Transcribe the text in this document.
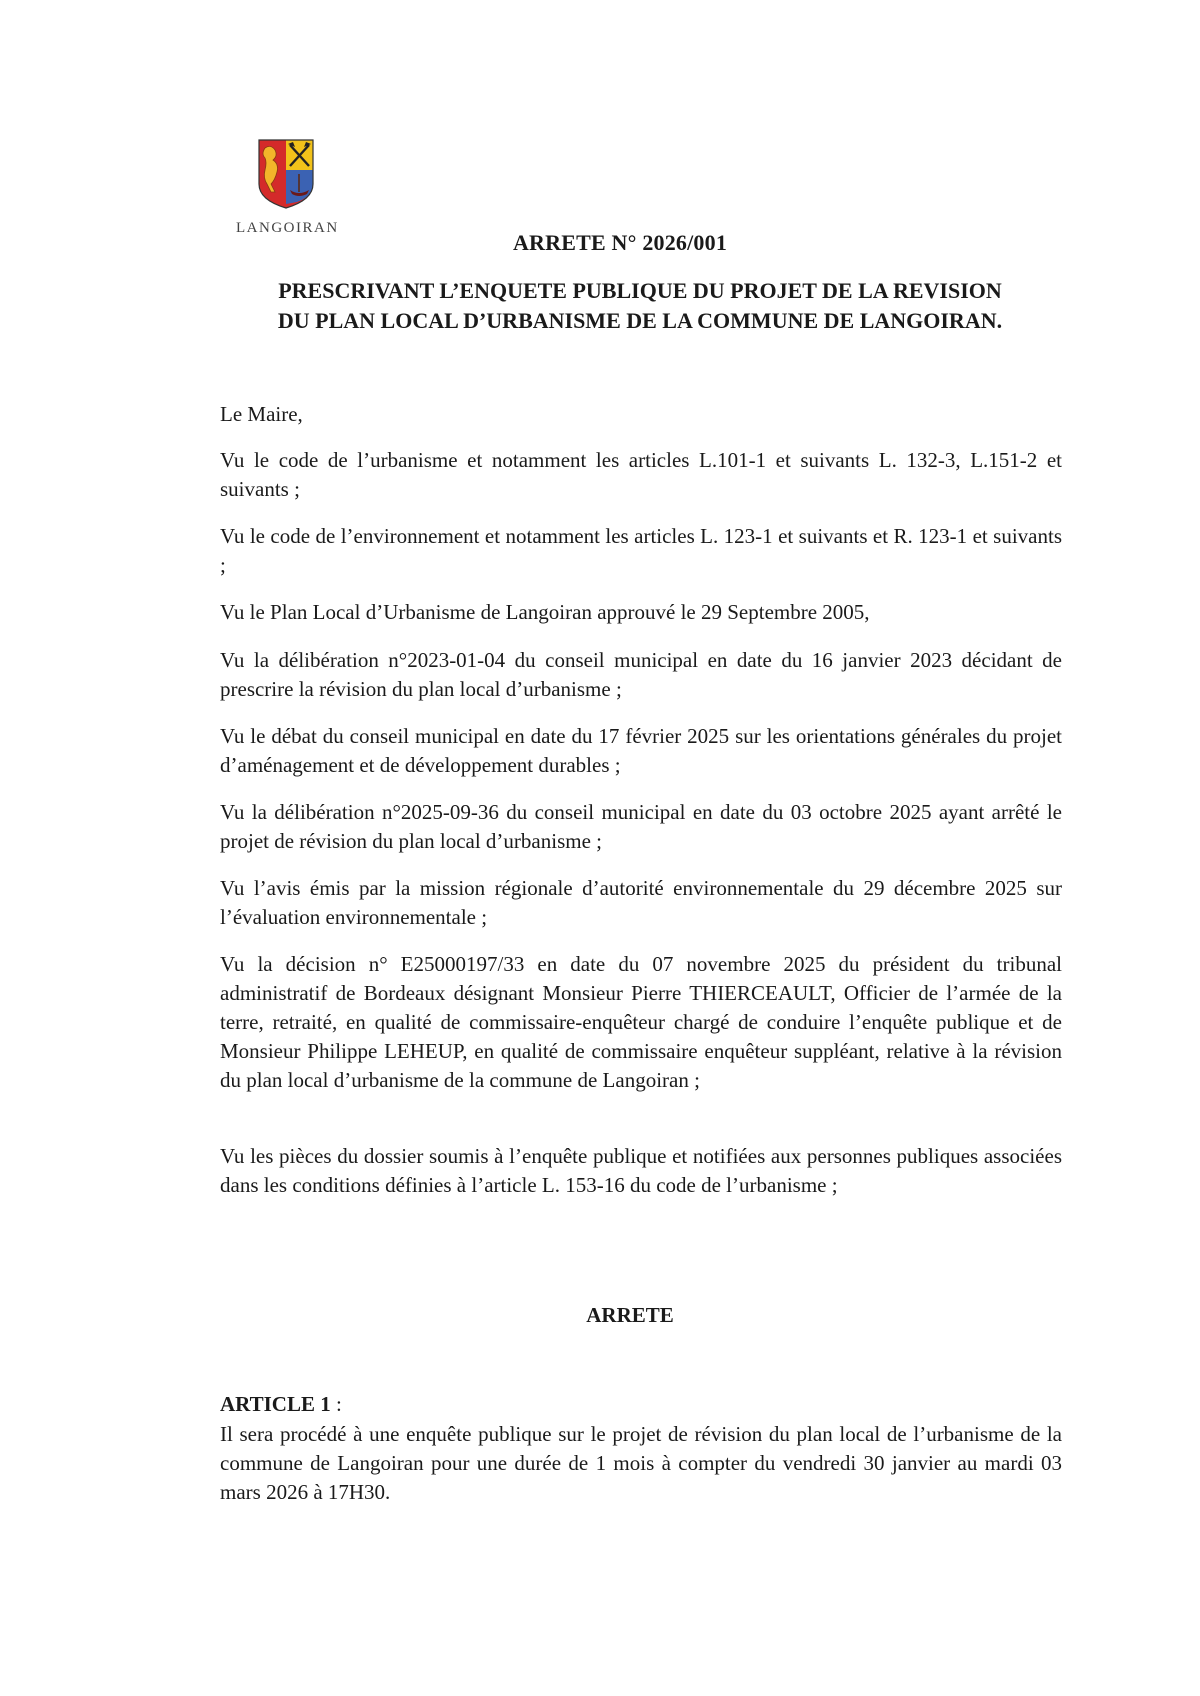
LANGOIRAN
ARRETE N° 2026/001
PRESCRIVANT L’ENQUETE PUBLIQUE DU PROJET DE LA REVISION
DU PLAN LOCAL D’URBANISME DE LA COMMUNE DE LANGOIRAN.
Le Maire,

Vu le code de l’urbanisme et notamment les articles L.101-1 et suivants L. 132-3, L.151-2 et suivants ;

Vu le code de l’environnement et notamment les articles L. 123-1 et suivants et R. 123-1 et suivants ;

Vu le Plan Local d’Urbanisme de Langoiran approuvé le 29 Septembre 2005,

Vu la délibération n°2023-01-04 du conseil municipal en date du 16 janvier 2023 décidant de prescrire la révision du plan local d’urbanisme ;

Vu le débat du conseil municipal en date du 17 février 2025 sur les orientations générales du projet d’aménagement et de développement durables ;

Vu la délibération n°2025-09-36 du conseil municipal en date du 03 octobre 2025 ayant arrêté le projet de révision du plan local d’urbanisme ;

Vu l’avis émis par la mission régionale d’autorité environnementale du 29 décembre 2025 sur l’évaluation environnementale ;

Vu la décision n° E25000197/33 en date du 07 novembre 2025 du président du tribunal administratif de Bordeaux désignant Monsieur Pierre THIERCEAULT, Officier de l’armée de la terre, retraité, en qualité de commissaire-enquêteur chargé de conduire l’enquête publique et de Monsieur Philippe LEHEUP, en qualité de commissaire enquêteur suppléant, relative à la révision du plan local d’urbanisme de la commune de Langoiran ;

Vu les pièces du dossier soumis à l’enquête publique et notifiées aux personnes publiques associées dans les conditions définies à l’article L. 153-16 du code de l’urbanisme ;

ARRETE
ARTICLE 1 :

Il sera procédé à une enquête publique sur le projet de révision du plan local de l’urbanisme de la commune de Langoiran pour une durée de 1 mois à compter du vendredi 30 janvier au mardi 03 mars 2026 à 17H30.
